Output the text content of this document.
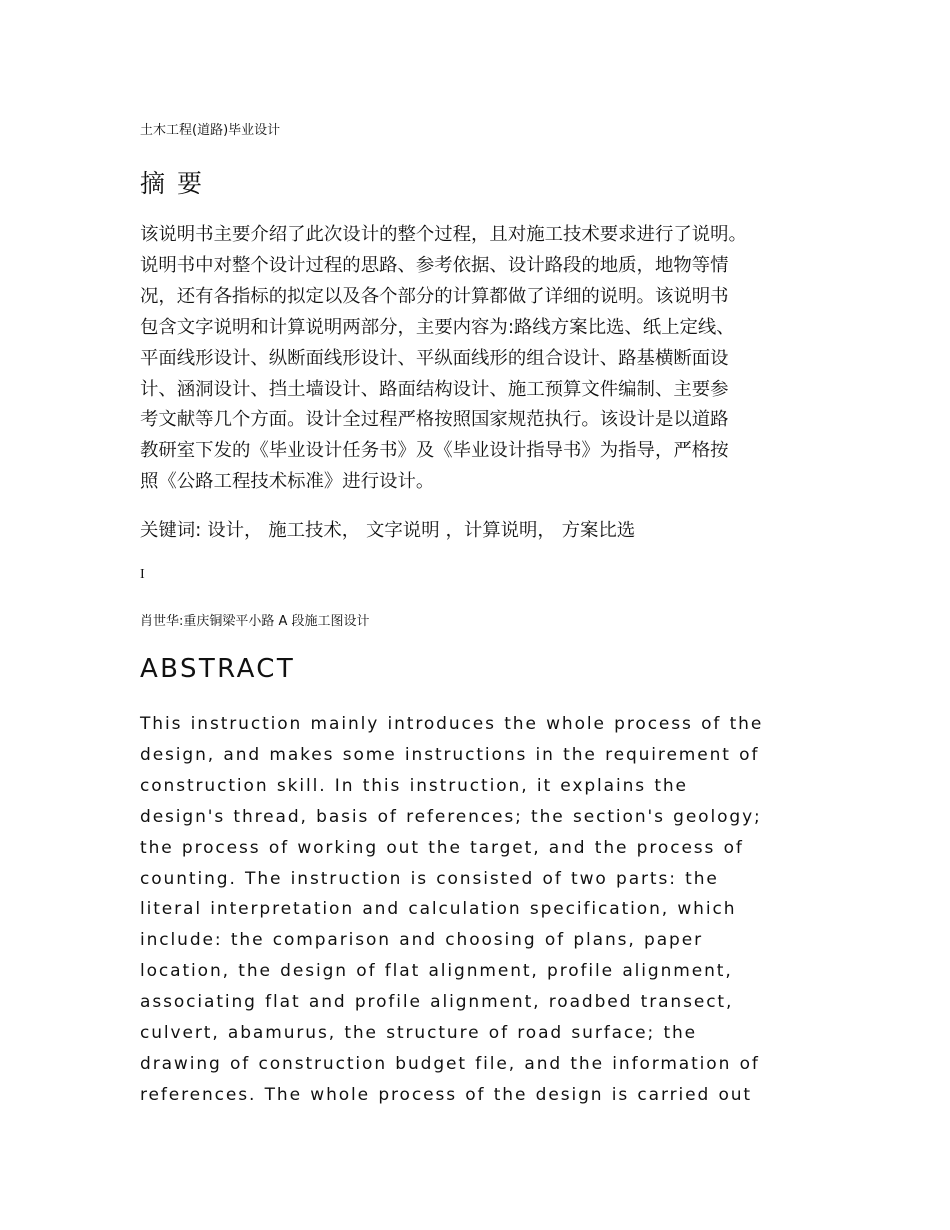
土木工程(道路)毕业设计
摘 要

该说明书主要介绍了此次设计的整个过程，且对施工技术要求进行了说明。
说明书中对整个设计过程的思路、参考依据、设计路段的地质，地物等情
况，还有各指标的拟定以及各个部分的计算都做了详细的说明。该说明书
包含文字说明和计算说明两部分，主要内容为:路线方案比选、纸上定线、
平面线形设计、纵断面线形设计、平纵面线形的组合设计、路基横断面设
计、涵洞设计、挡土墙设计、路面结构设计、施工预算文件编制、主要参
考文献等几个方面。设计全过程严格按照国家规范执行。该设计是以道路
教研室下发的《毕业设计任务书》及《毕业设计指导书》为指导，严格按
照《公路工程技术标准》进行设计。

关键词: 设计， 施工技术， 文字说明 ，计算说明， 方案比选
I
肖世华:重庆铜梁平小路 A 段施工图设计
ABSTRACT

This instruction mainly introduces the whole process of the
design, and makes some instructions in the requirement of
construction skill. In this instruction, it explains the
design's thread, basis of references; the section's geology;
the process of working out the target, and the process of
counting. The instruction is consisted of two parts: the
literal interpretation and calculation specification, which
include: the comparison and choosing of plans, paper
location, the design of flat alignment, profile alignment,
associating flat and profile alignment, roadbed transect,
culvert, abamurus, the structure of road surface; the
drawing of construction budget file, and the information of
references. The whole process of the design is carried out
